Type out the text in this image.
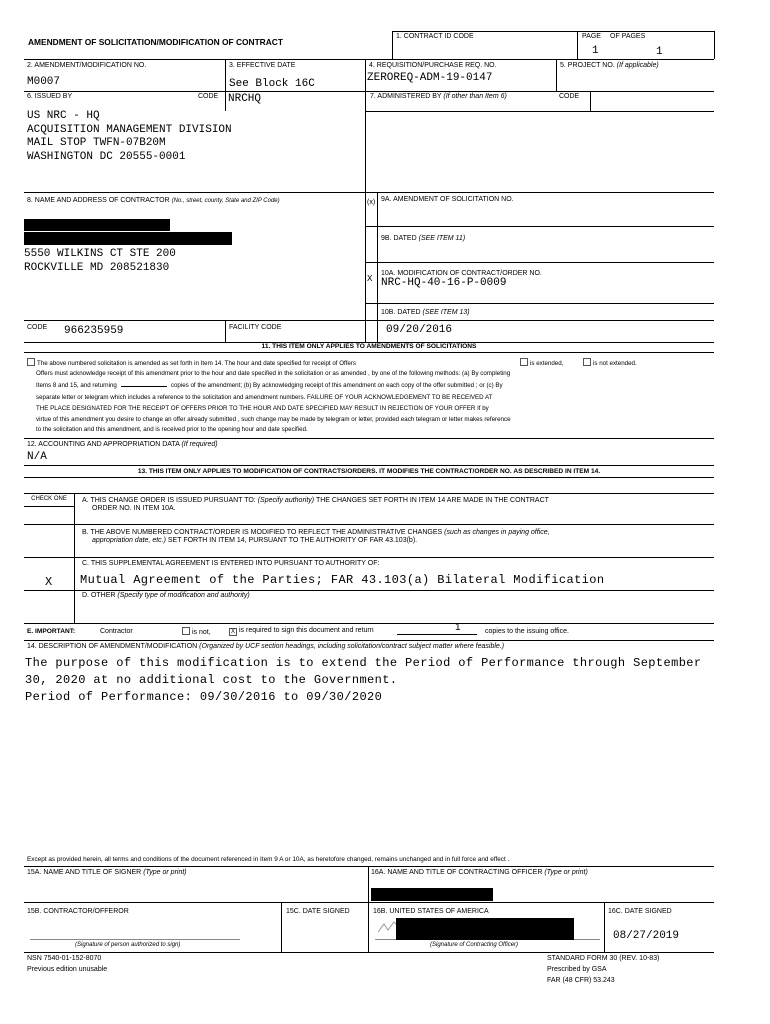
AMENDMENT OF SOLICITATION/MODIFICATION OF CONTRACT
1. CONTRACT ID CODE	PAGE OF PAGES
1	1
2. AMENDMENT/MODIFICATION NO.
M0007
3. EFFECTIVE DATE
See Block 16C
4. REQUISITION/PURCHASE REQ. NO.
ZEROREQ-ADM-19-0147
5. PROJECT NO. (If applicable)
6. ISSUED BY	CODE NRCHQ	7. ADMINISTERED BY (If other than Item 6)	CODE
US NRC - HQ
ACQUISITION MANAGEMENT DIVISION
MAIL STOP TWFN-07B20M
WASHINGTON DC 20555-0001
8. NAME AND ADDRESS OF CONTRACTOR (No., street, county, State and ZIP Code)
5550 WILKINS CT STE 200
ROCKVILLE MD 208521830
(x) 9A. AMENDMENT OF SOLICITATION NO.
9B. DATED (SEE ITEM 11)
X
10A. MODIFICATION OF CONTRACT/ORDER NO.
NRC-HQ-40-16-P-0009
10B. DATED (SEE ITEM 13)
09/20/2016
CODE 966235959	FACILITY CODE
11. THIS ITEM ONLY APPLIES TO AMENDMENTS OF SOLICITATIONS
The above numbered solicitation is amended as set forth in Item 14. The hour and date specified for receipt of Offers	is extended,	is not extended.
Offers must acknowledge receipt of this amendment prior to the hour and date specified in the solicitation or as amended , by one of the following methods: (a) By completing
Items 8 and 15, and returning	copies of the amendment; (b) By acknowledging receipt of this amendment on each copy of the offer submitted ; or (c) By
separate letter or telegram which includes a reference to the solicitation and amendment numbers. FAILURE OF YOUR ACKNOWLEDGEMENT TO BE RECEIVED AT
THE PLACE DESIGNATED FOR THE RECEIPT OF OFFERS PRIOR TO THE HOUR AND DATE SPECIFIED MAY RESULT IN REJECTION OF YOUR OFFER If by
virtue of this amendment you desire to change an offer already submitted , such change may be made by telegram or letter, provided each telegram or letter makes reference
to the solicitation and this amendment, and is received prior to the opening hour and date specified.
12. ACCOUNTING AND APPROPRIATION DATA (If required)
N/A
13. THIS ITEM ONLY APPLIES TO MODIFICATION OF CONTRACTS/ORDERS. IT MODIFIES THE CONTRACT/ORDER NO. AS DESCRIBED IN ITEM 14.
CHECK ONE	A. THIS CHANGE ORDER IS ISSUED PURSUANT TO: (Specify authority) THE CHANGES SET FORTH IN ITEM 14 ARE MADE IN THE CONTRACT
ORDER NO. IN ITEM 10A.
B. THE ABOVE NUMBERED CONTRACT/ORDER IS MODIFIED TO REFLECT THE ADMINISTRATIVE CHANGES (such as changes in paying office,
appropriation date, etc.) SET FORTH IN ITEM 14, PURSUANT TO THE AUTHORITY OF FAR 43.103(b).
C. THIS SUPPLEMENTAL AGREEMENT IS ENTERED INTO PURSUANT TO AUTHORITY OF:
X Mutual Agreement of the Parties; FAR 43.103(a) Bilateral Modification
D. OTHER (Specify type of modification and authority)
E. IMPORTANT:	Contractor	is not,	X is required to sign this document and return	1	copies to the issuing office.
14. DESCRIPTION OF AMENDMENT/MODIFICATION (Organized by UCF section headings, including solicitation/contract subject matter where feasible.)
The purpose of this modification is to extend the Period of Performance through September
30, 2020 at no additional cost to the Government.
Period of Performance: 09/30/2016 to 09/30/2020
Except as provided herein, all terms and conditions of the document referenced in Item 9 A or 10A, as heretofore changed, remains unchanged and in full force and effect .
15A. NAME AND TITLE OF SIGNER (Type or print)	16A. NAME AND TITLE OF CONTRACTING OFFICER (Type or print)
15B. CONTRACTOR/OFFEROR	15C. DATE SIGNED	16B. UNITED STATES OF AMERICA	16C. DATE SIGNED
08/27/2019
(Signature of person authorized to sign)	(Signature of Contracting Officer)
NSN 7540-01-152-8070
Previous edition unusable
STANDARD FORM 30 (REV. 10-83)
Prescribed by GSA
FAR (48 CFR) 53.243
